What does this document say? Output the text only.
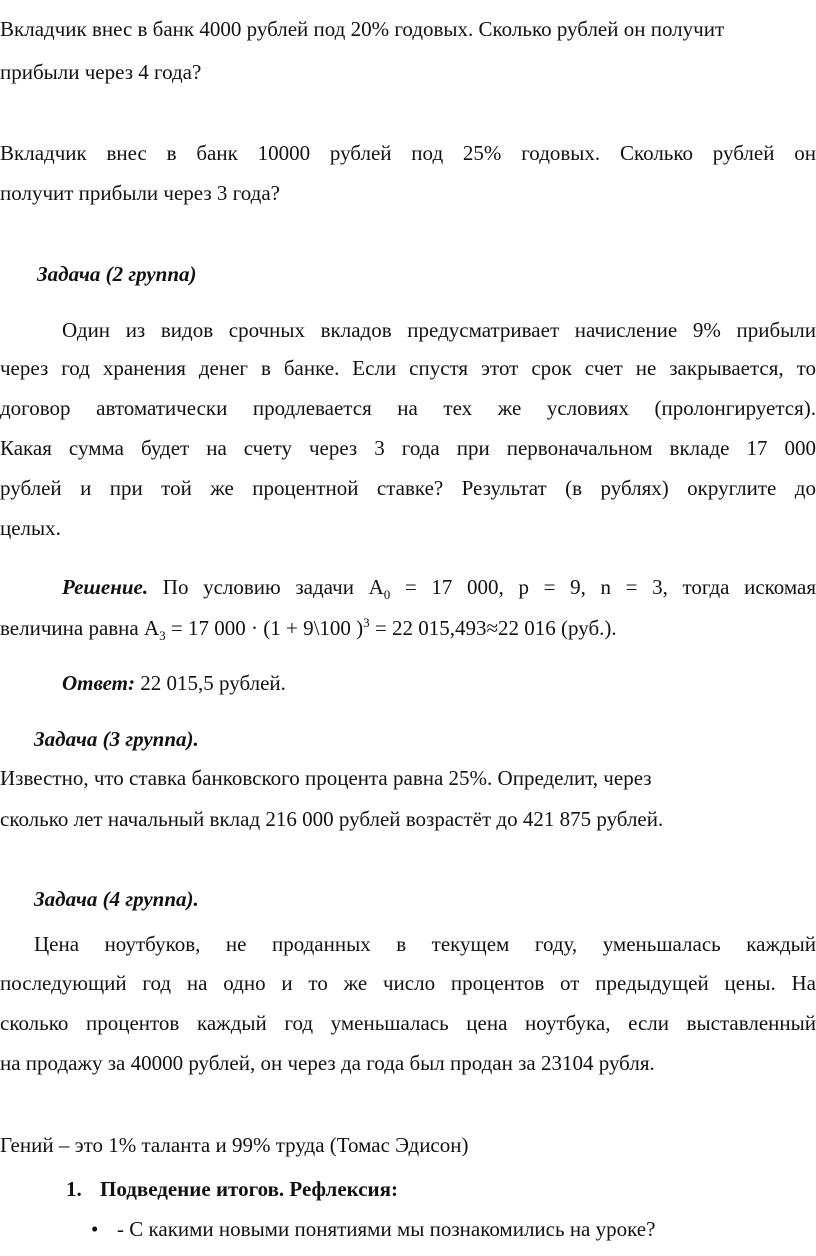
Вкладчик внес в банк 4000 рублей под 20% годовых. Сколько рублей он получит
прибыли через 4 года?
Вкладчик внес в банк 10000 рублей под 25% годовых. Сколько рублей он
получит прибыли через 3 года?
Задача (2 группа)
Один из видов срочных вкладов предусматривает начисление 9% прибыли
через год хранения денег в банке. Если спустя этот срок счет не закрывается, то
договор автоматически продлевается на тех же условиях (пролонгируется).
Какая сумма будет на счету через 3 года при первоначальном вкладе 17 000
рублей и при той же процентной ставке? Результат (в рублях) округлите до
целых.
Решение. По условию задачи $А_0 = 17$ 000, р = 9, n = 3, тогда искомая
величина равна $А_3 = 17$ 000 · (1 + 9\100 )$^3$ = 22 015,493≈22 016 (руб.).
Ответ: 22 015,5 рублей.
Задача (3 группа).
Известно, что ставка банковского процента равна 25%. Определит, через
сколько лет начальный вклад 216 000 рублей возрастёт до 421 875 рублей.
Задача (4 группа).
Цена ноутбуков, не проданных в текущем году, уменьшалась каждый
последующий год на одно и то же число процентов от предыдущей цены. На
сколько процентов каждый год уменьшалась цена ноутбука, если выставленный
на продажу за 40000 рублей, он через да года был продан за 23104 рубля.
Гений – это 1% таланта и 99% труда (Томас Эдисон)
1. Подведение итогов. Рефлексия:
• - С какими новыми понятиями мы познакомились на уроке?
